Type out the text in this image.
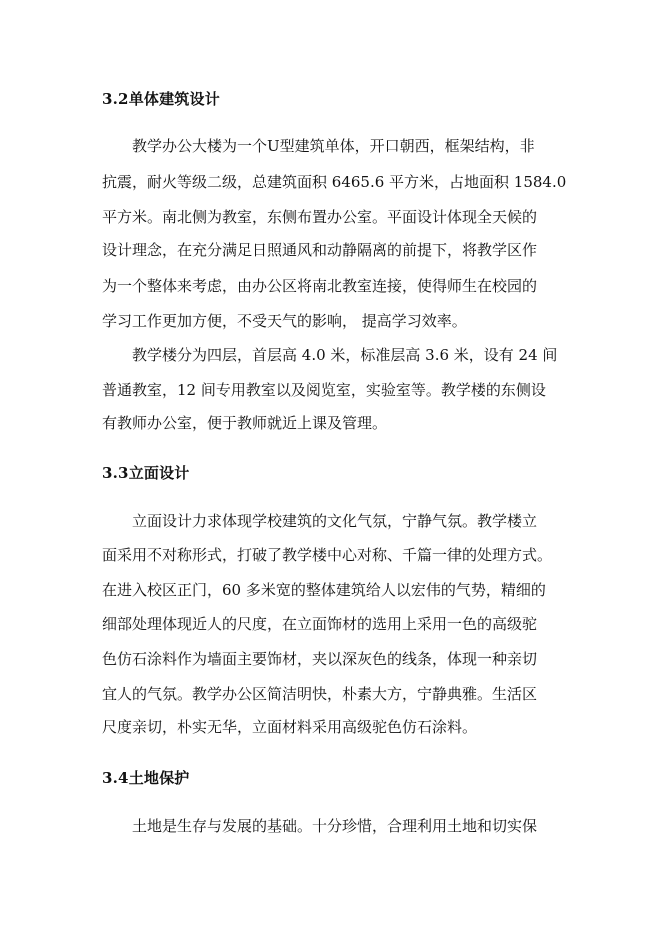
3.2单体建筑设计
教学办公大楼为一个U型建筑单体，开口朝西，框架结构，非
抗震，耐火等级二级，总建筑面积 6465.6 平方米，占地面积 1584.0
平方米。南北侧为教室，东侧布置办公室。平面设计体现全天候的
设计理念，在充分满足日照通风和动静隔离的前提下，将教学区作
为一个整体来考虑，由办公区将南北教室连接，使得师生在校园的
学习工作更加方便，不受天气的影响， 提高学习效率。
教学楼分为四层，首层高 4.0 米，标准层高 3.6 米，设有 24 间
普通教室，12 间专用教室以及阅览室，实验室等。教学楼的东侧设
有教师办公室，便于教师就近上课及管理。
3.3立面设计
立面设计力求体现学校建筑的文化气氛，宁静气氛。教学楼立
面采用不对称形式，打破了教学楼中心对称、千篇一律的处理方式。
在进入校区正门，60 多米宽的整体建筑给人以宏伟的气势，精细的
细部处理体现近人的尺度，在立面饰材的选用上采用一色的高级驼
色仿石涂料作为墙面主要饰材，夹以深灰色的线条，体现一种亲切
宜人的气氛。教学办公区简洁明快，朴素大方，宁静典雅。生活区
尺度亲切，朴实无华，立面材料采用高级驼色仿石涂料。
3.4土地保护
土地是生存与发展的基础。十分珍惜，合理利用土地和切实保
